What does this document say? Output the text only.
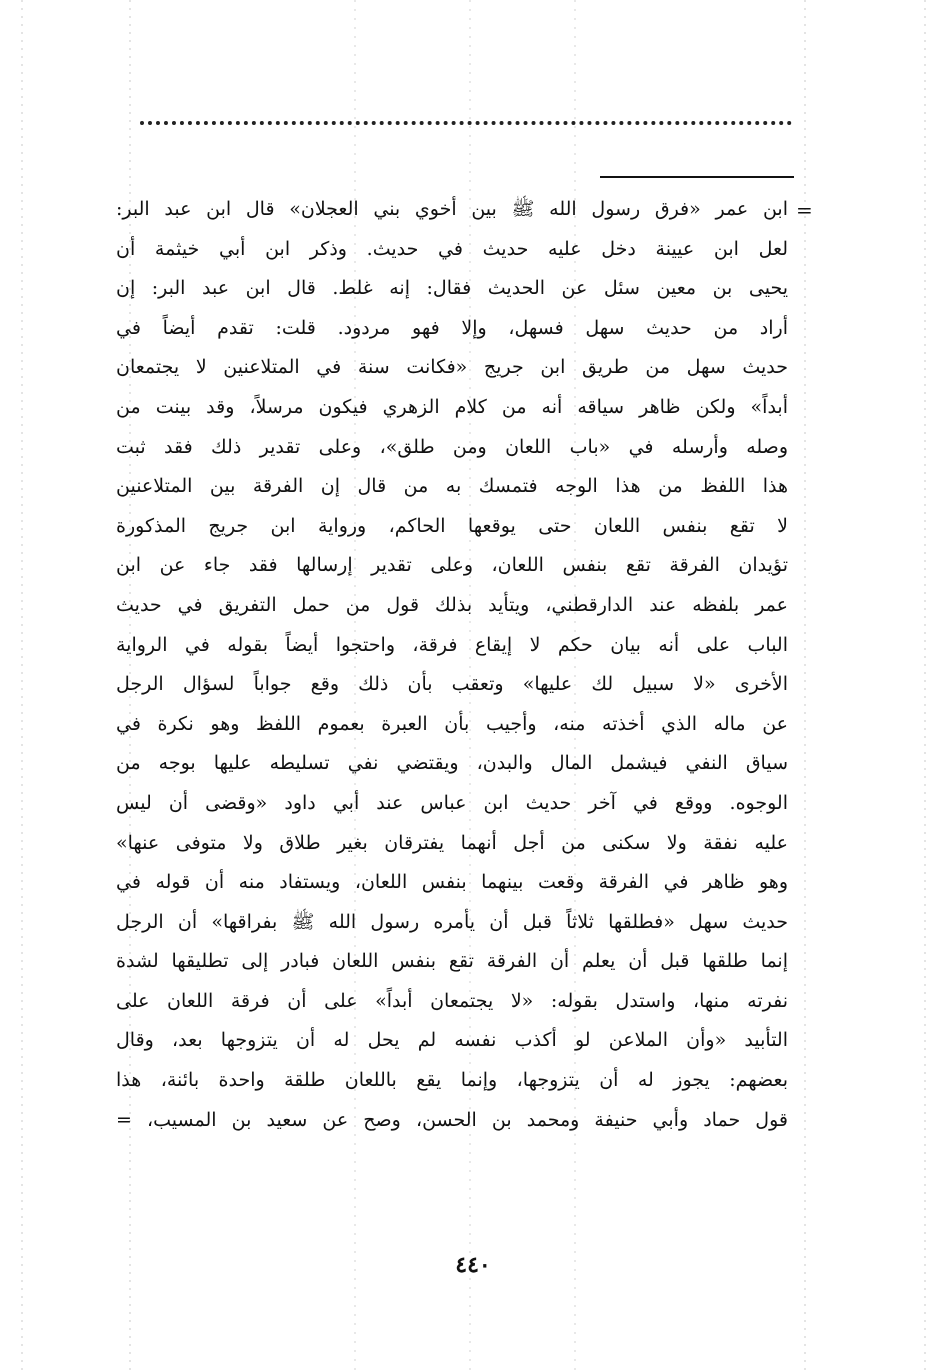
=
ابن عمر «فرق رسول الله ﷺ بين أخوي بني العجلان» قال ابن عبد البر:
لعل ابن عيينة دخل عليه حديث في حديث. وذكر ابن أبي خيثمة أن
يحيى بن معين سئل عن الحديث فقال: إنه غلط. قال ابن عبد البر: إن
أراد من حديث سهل فسهل، وإلا فهو مردود. قلت: تقدم أيضاً في
حديث سهل من طريق ابن جريج «فكانت سنة في المتلاعنين لا يجتمعان
أبداً» ولكن ظاهر سياقه أنه من كلام الزهري فيكون مرسلاً، وقد بينت من
وصله وأرسله في «باب اللعان ومن طلق»، وعلى تقدير ذلك فقد ثبت
هذا اللفظ من هذا الوجه فتمسك به من قال إن الفرقة بين المتلاعنين
لا تقع بنفس اللعان حتى يوقعها الحاكم، ورواية ابن جريج المذكورة
تؤيدان الفرقة تقع بنفس اللعان، وعلى تقدير إرسالها فقد جاء عن ابن
عمر بلفظه عند الدارقطني، ويتأيد بذلك قول من حمل التفريق في حديث
الباب على أنه بيان حكم لا إيقاع فرقة، واحتجوا أيضاً بقوله في الرواية
الأخرى «لا سبيل لك عليها» وتعقب بأن ذلك وقع جواباً لسؤال الرجل
عن ماله الذي أخذته منه، وأجيب بأن العبرة بعموم اللفظ وهو نكرة في
سياق النفي فيشمل المال والبدن، ويقتضي نفي تسليطه عليها بوجه من
الوجوه. ووقع في آخر حديث ابن عباس عند أبي داود «وقضى أن ليس
عليه نفقة ولا سكنى من أجل أنهما يفترقان بغير طلاق ولا متوفى عنها»
وهو ظاهر في الفرقة وقعت بينهما بنفس اللعان، ويستفاد منه أن قوله في
حديث سهل «فطلقها ثلاثاً قبل أن يأمره رسول الله ﷺ بفراقها» أن الرجل
إنما طلقها قبل أن يعلم أن الفرقة تقع بنفس اللعان فبادر إلى تطليقها لشدة
نفرته منها، واستدل بقوله: «لا يجتمعان أبداً» على أن فرقة اللعان على
التأبيد «وأن الملاعن لو أكذب نفسه لم يحل له أن يتزوجها بعد، وقال
بعضهم: يجوز له أن يتزوجها، وإنما يقع باللعان طلقة واحدة بائنة، هذا
قول حماد وأبي حنيفة ومحمد بن الحسن، وصح عن سعيد بن المسيب، =
٤٤٠
